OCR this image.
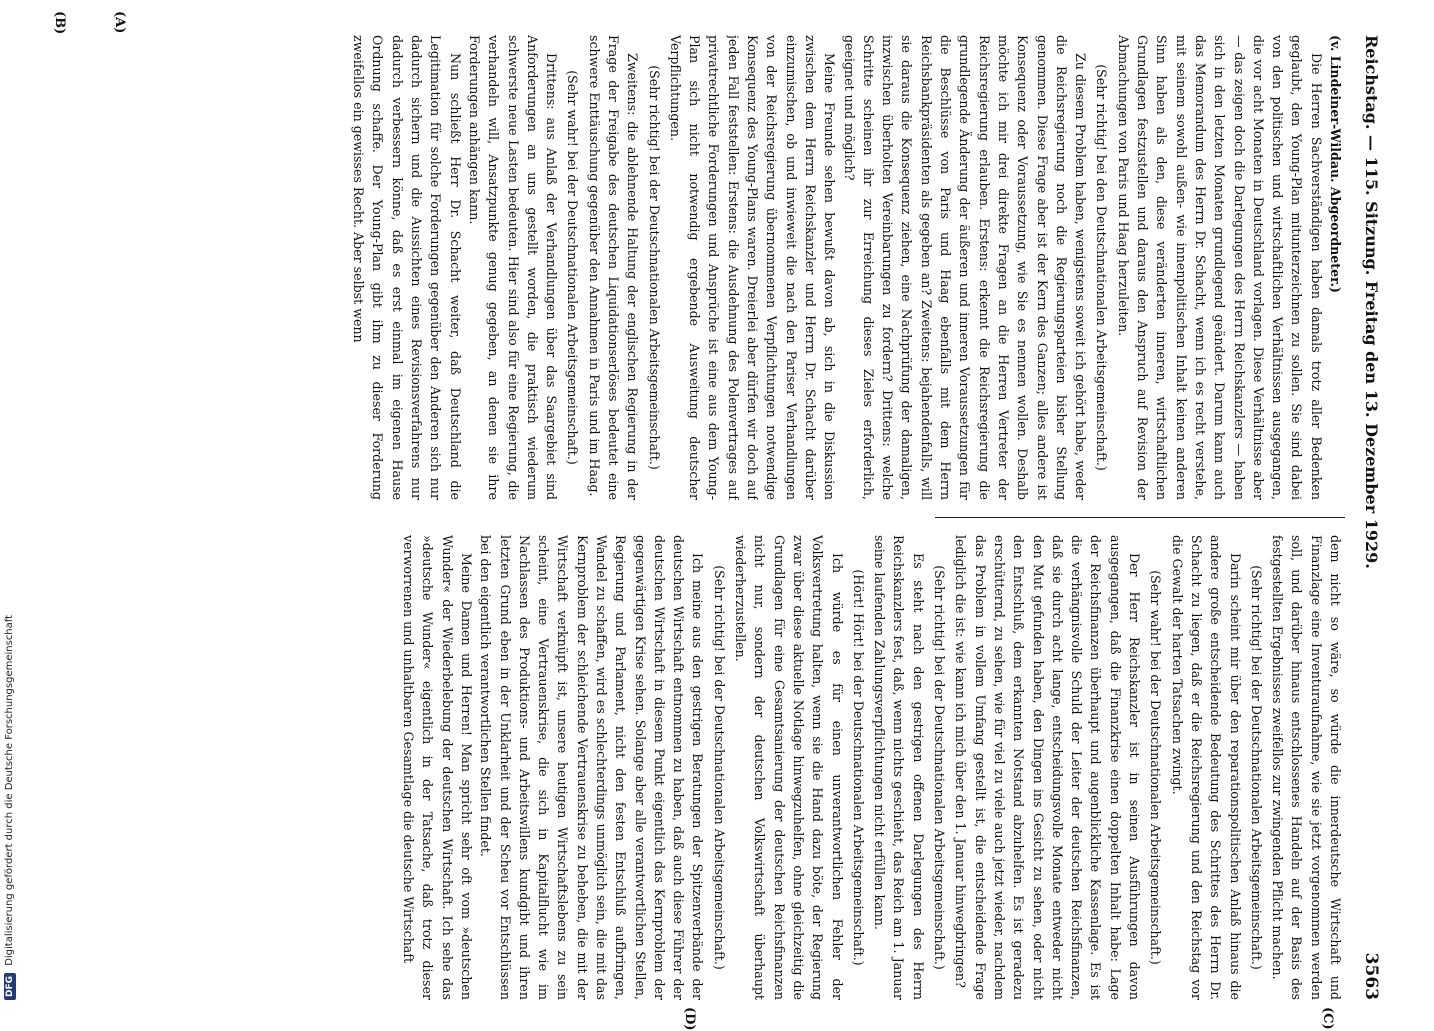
Reichstag. — 115. Sitzung. Freitag den 13. Dezember 1929.
3563
(C)
(D)
(A)
(B)

(v. Lindeiner-Wildau. Abgeordneter.)

Die Herren Sachverständigen haben damals trotz aller Bedenken geglaubt, den Young-Plan mitunterzeichnen zu sollen. Sie sind dabei von den politischen und wirtschaftlichen Verhältnissen ausgegangen, die vor acht Monaten in Deutschland vorlagen. Diese Verhältnisse aber — das zeigen doch die Darlegungen des Herrn Reichskanzlers — haben sich in den letzten Monaten grundlegend geändert. Darum kann auch das Memorandum des Herrn Dr. Schacht, wenn ich es recht verstehe, mit seinem sowohl außen- wie innenpolitischen Inhalt keinen anderen Sinn haben als den, diese veränderten inneren, wirtschaftlichen Grundlagen festzustellen und daraus den Anspruch auf Revision der Abmachungen von Paris und Haag herzuleiten.

(Sehr richtig! bei den Deutschnationalen Arbeitsgemeinschaft.)

Zu diesem Problem haben, wenigstens soweit ich gehört habe, weder die Reichsregierung noch die Regierungsparteien bisher Stellung genommen. Diese Frage aber ist der Kern des Ganzen; alles andere ist Konsequenz oder Voraussetzung, wie Sie es nennen wollen. Deshalb möchte ich mir drei direkte Fragen an die Herren Vertreter der Reichsregierung erlauben. Erstens: erkennt die Reichsregierung die grundlegende Änderung der äußeren und inneren Voraussetzungen für die Beschlüsse von Paris und Haag ebenfalls mit dem Herrn Reichsbankpräsidenten als gegeben an? Zweitens: bejahendenfalls, will sie daraus die Konsequenz ziehen, eine Nachprüfung der damaligen, inzwischen überholten Vereinbarungen zu fordern? Drittens: welche Schritte scheinen ihr zur Erreichung dieses Zieles erforderlich, geeignet und möglich?

Meine Freunde sehen bewußt davon ab, sich in die Diskussion zwischen dem Herrn Reichskanzler und Herrn Dr. Schacht darüber einzumischen, ob und inwieweit die nach den Pariser Verhandlungen von der Reichsregierung übernommenen Verpflichtungen notwendige Konsequenz des Young-Plans waren. Dreierlei aber dürfen wir doch auf jeden Fall feststellen: Erstens: die Ausdehnung des Polenvertrages auf privatrechtliche Forderungen und Ansprüche ist eine aus dem Young-Plan sich nicht notwendig ergebende Ausweitung deutscher Verpflichtungen.

(Sehr richtig! bei der Deutschnationalen Arbeitsgemeinschaft.)

Zweitens: die ablehnende Haltung der englischen Regierung in der Frage der Freigabe des deutschen Liquidationserlöses bedeutet eine schwere Enttäuschung gegenüber den Annahmen in Paris und im Haag.

(Sehr wahr! bei der Deutschnationalen Arbeitsgemeinschaft.)

Drittens: aus Anlaß der Verhandlungen über das Saargebiet sind Anforderungen an uns gestellt worden, die praktisch wiederum schwerste neue Lasten bedeuten. Hier sind also für eine Regierung, die verhandeln will, Ansatzpunkte genug gegeben, an denen sie ihre Forderungen anhängen kann.

Nun schließt Herr Dr. Schacht weiter, daß Deutschland die Legitimation für solche Forderungen gegenüber den Anderen sich nur dadurch sichern und die Aussichten eines Revisionsverfahrens nur dadurch verbessern könne, daß es erst einmal im eigenen Hause Ordnung schaffe. Der Young-Plan gibt ihm zu dieser Forderung zweifellos ein gewisses Recht. Aber selbst wenn

dem nicht so wäre, so würde die innerdeutsche Wirtschaft und Finanzlage eine Inventuraufnahme, wie sie jetzt vorgenommen werden soll, und darüber hinaus entschlossenes Handeln auf der Basis des festgestellten Ergebnisses zweifellos zur zwingenden Pflicht machen.

(Sehr richtig! bei der Deutschnationalen Arbeitsgemeinschaft.)

Darin scheint mir über den reparationspolitischen Anlaß hinaus die andere große entscheidende Bedeutung des Schrittes des Herrn Dr. Schacht zu liegen, daß er die Reichsregierung und den Reichstag vor die Gewalt der harten Tatsachen zwingt.

(Sehr wahr! bei der Deutschnationalen Arbeitsgemeinschaft.)

Der Herr Reichskanzler ist in seinen Ausführungen davon ausgegangen, daß die Finanzkrise einen doppelten Inhalt habe: Lage der Reichsfinanzen überhaupt und augenblickliche Kassenlage. Es ist die verhängnisvolle Schuld der Leiter der deutschen Reichsfinanzen, daß sie durch acht lange, entscheidungsvolle Monate entweder nicht den Mut gefunden haben, den Dingen ins Gesicht zu sehen, oder nicht den Entschluß, dem erkannten Notstand abzuhelfen. Es ist geradezu erschütternd, zu sehen, wie für viel zu viele auch jetzt wieder, nachdem das Problem in vollem Umfang gestellt ist, die entscheidende Frage lediglich die ist: wie kann ich mich über den 1. Januar hinwegbringen?

(Sehr richtig! bei der Deutschnationalen Arbeitsgemeinschaft.)

Es steht nach den gestrigen offenen Darlegungen des Herrn Reichskanzlers fest, daß, wenn nichts geschieht, das Reich am 1. Januar seine laufenden Zahlungsverpflichtungen nicht erfüllen kann.

(Hört! Hört! bei der Deutschnationalen Arbeitsgemeinschaft.)

Ich würde es für einen unverantwortlichen Fehler der Volksvertretung halten, wenn sie die Hand dazu böte, der Regierung zwar über diese aktuelle Notlage hinwegzuhelfen, ohne gleichzeitig die Grundlagen für eine Gesamtsanierung der deutschen Reichsfinanzen nicht nur, sondern der deutschen Volkswirtschaft überhaupt wiederherzustellen.

(Sehr richtig! bei der Deutschnationalen Arbeitsgemeinschaft.)

Ich meine aus den gestrigen Beratungen der Spitzenverbände der deutschen Wirtschaft entnommen zu haben, daß auch diese Führer der deutschen Wirtschaft in diesem Punkt eigentlich das Kernproblem der gegenwärtigen Krise sehen. Solange aber alle verantwortlichen Stellen, Regierung und Parlament, nicht den festen Entschluß aufbringen, Wandel zu schaffen, wird es schlechterdings unmöglich sein, die mit das Kernproblem der schleichende Vertrauenskrise zu beheben, die mit der Wirtschaft verknüpft ist, unsere heutigen Wirtschaftslebens zu sein scheint, eine Vertrauenskrise, die sich in Kapitalflucht wie im Nachlassen des Produktions- und Arbeitswillens kundgibt und ihren letzten Grund eben in der Unklarheit und der Scheu vor Entschlüssen bei den eigentlich verantwortlichen Stellen findet.

Meine Damen und Herren! Man spricht sehr oft vom »deutschen Wunder« der Wiederbelebung der deutschen Wirtschaft. Ich sehe das »deutsche Wunder« eigentlich in der Tatsache, daß trotz dieser verworrenen und unhaltbaren Gesamtlage die deutsche Wirtschaft

DFG Digitalisierung gefördert durch die Deutsche Forschungsgemeinschaft
